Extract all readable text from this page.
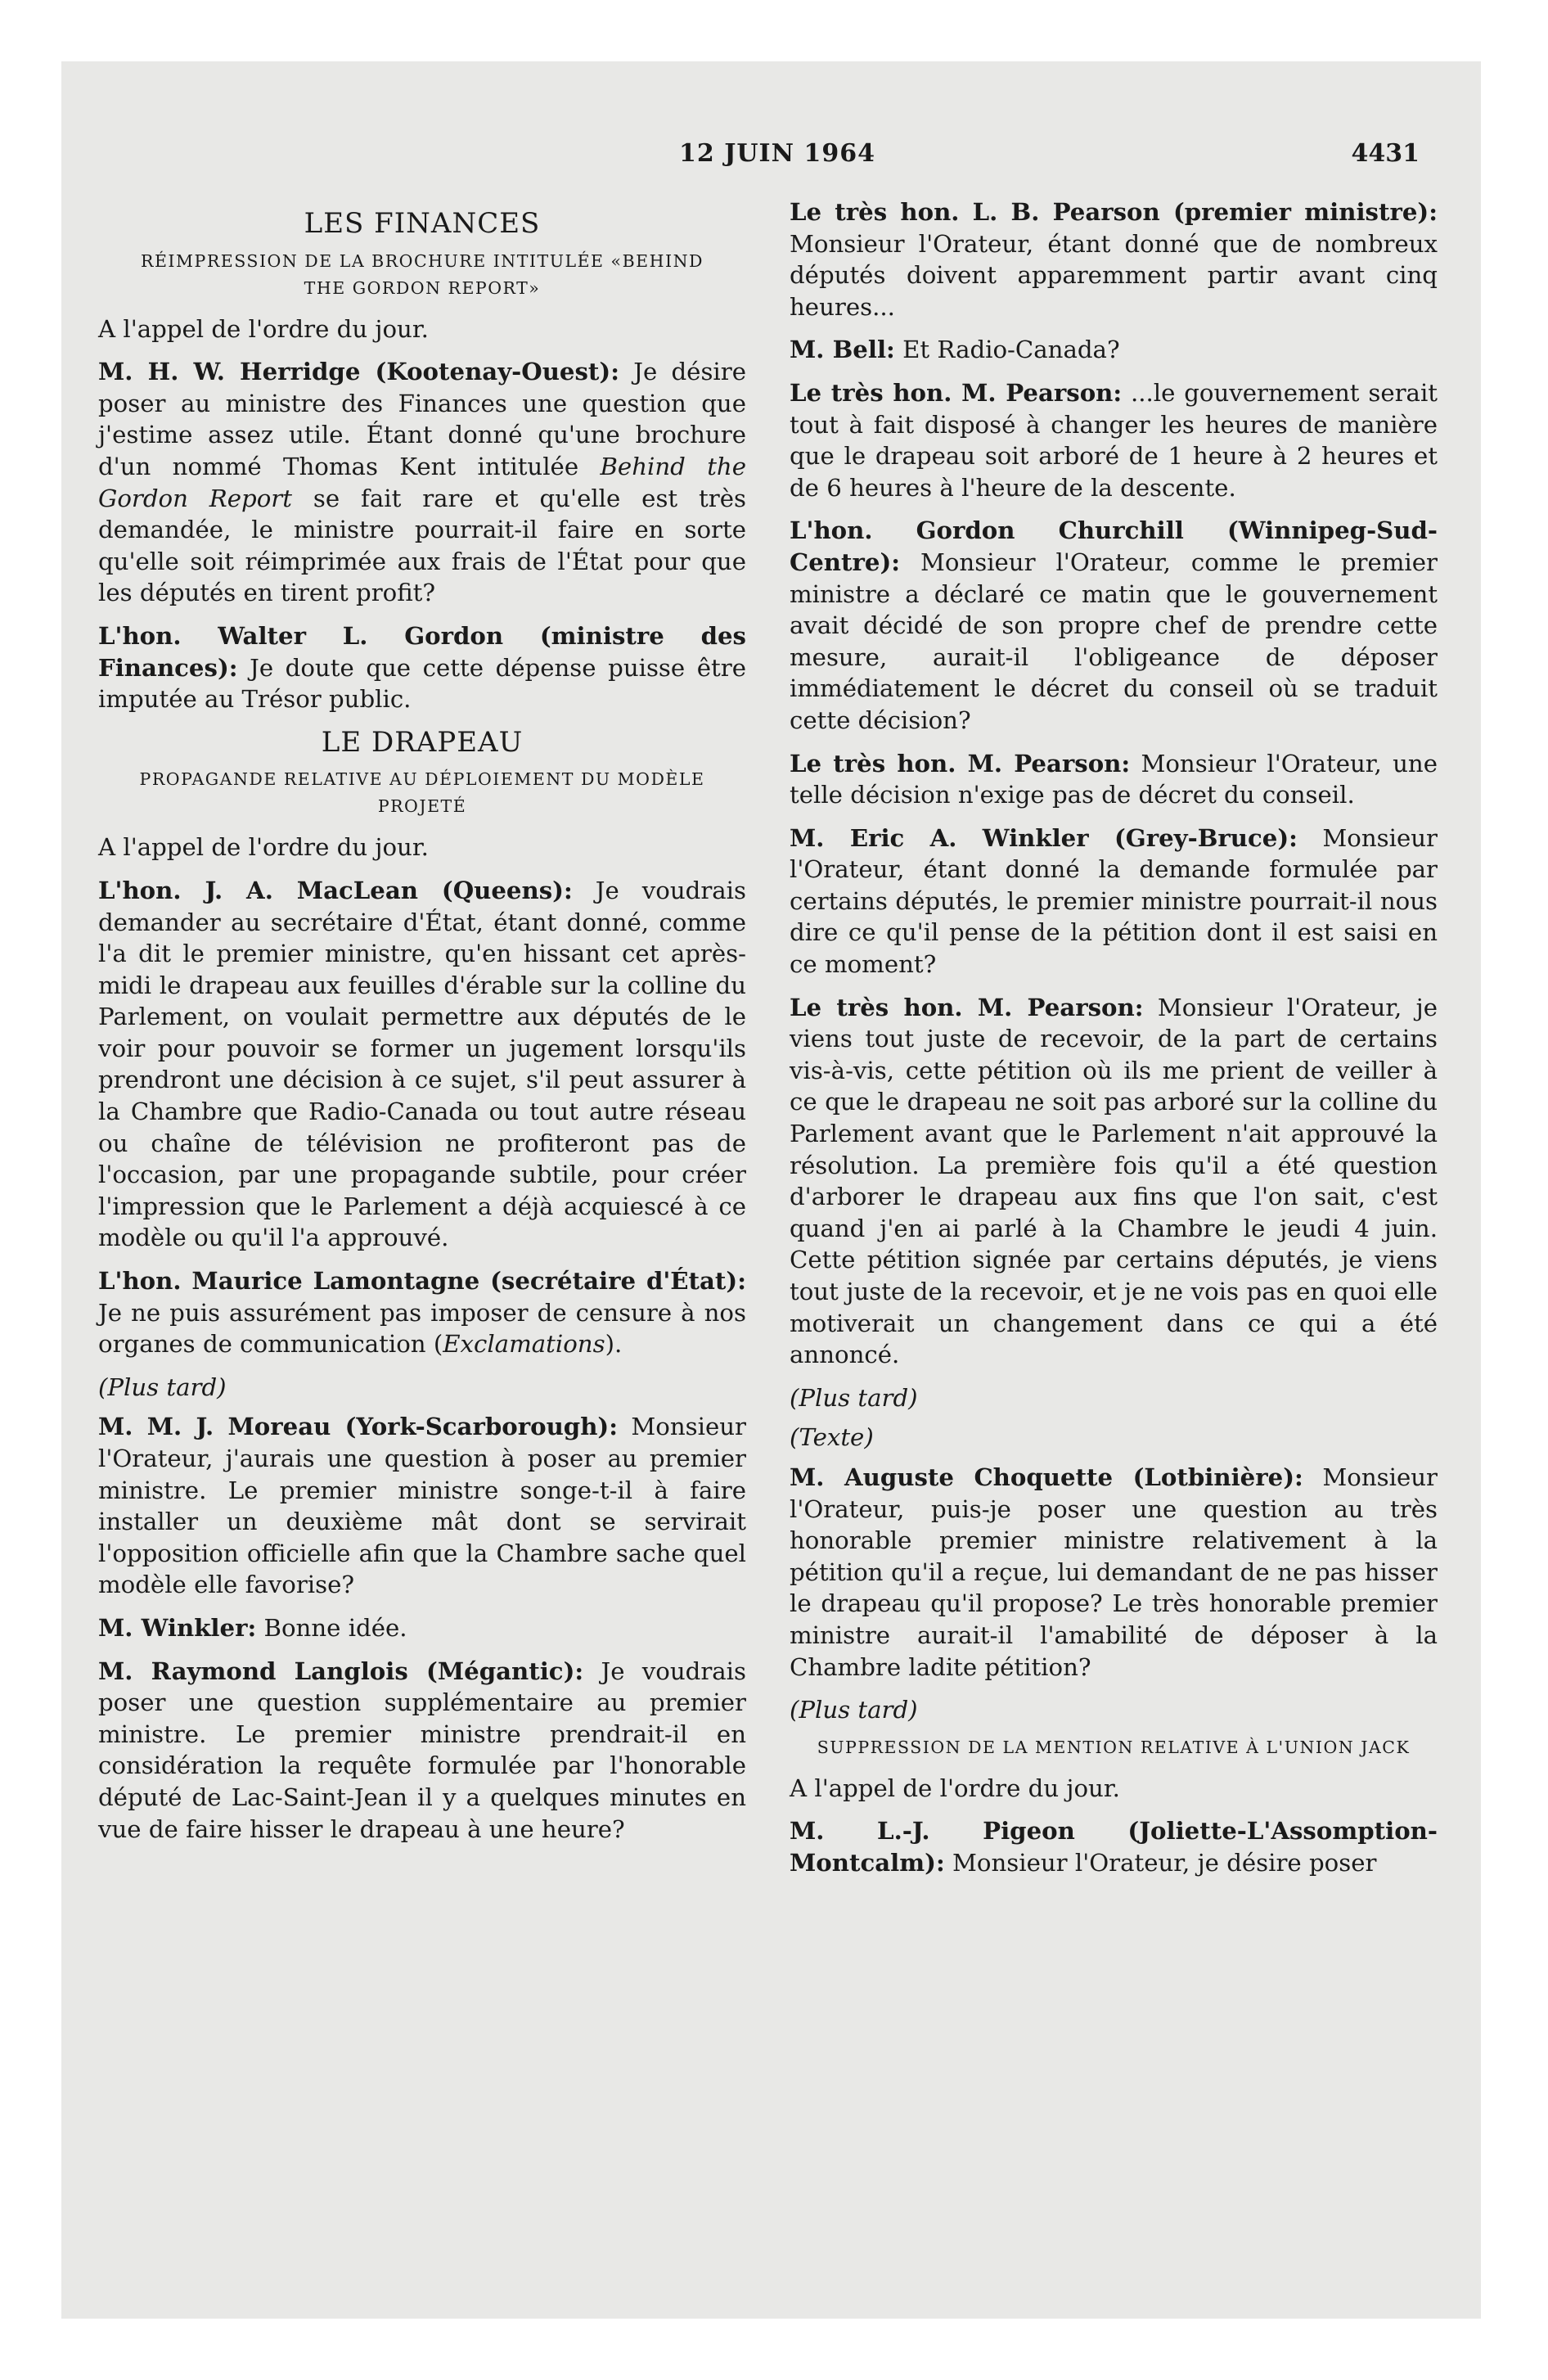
12 JUIN 1964	4431
LES FINANCES
RÉIMPRESSION DE LA BROCHURE INTITULÉE «BEHIND THE GORDON REPORT»

A l'appel de l'ordre du jour.

M. H. W. Herridge (Kootenay-Ouest): Je désire poser au ministre des Finances une question que j'estime assez utile. Étant donné qu'une brochure d'un nommé Thomas Kent intitulée Behind the Gordon Report se fait rare et qu'elle est très demandée, le ministre pourrait-il faire en sorte qu'elle soit réimprimée aux frais de l'État pour que les députés en tirent profit?

L'hon. Walter L. Gordon (ministre des Finances): Je doute que cette dépense puisse être imputée au Trésor public.

LE DRAPEAU
PROPAGANDE RELATIVE AU DÉPLOIEMENT DU MODÈLE PROJETÉ

A l'appel de l'ordre du jour.

L'hon. J. A. MacLean (Queens): Je voudrais demander au secrétaire d'État, étant donné, comme l'a dit le premier ministre, qu'en hissant cet après-midi le drapeau aux feuilles d'érable sur la colline du Parlement, on voulait permettre aux députés de le voir pour pouvoir se former un jugement lorsqu'ils prendront une décision à ce sujet, s'il peut assurer à la Chambre que Radio-Canada ou tout autre réseau ou chaîne de télévision ne profiteront pas de l'occasion, par une propagande subtile, pour créer l'impression que le Parlement a déjà acquiescé à ce modèle ou qu'il l'a approuvé.

L'hon. Maurice Lamontagne (secrétaire d'État): Je ne puis assurément pas imposer de censure à nos organes de communication (Exclamations).

(Plus tard)

M. M. J. Moreau (York-Scarborough): Monsieur l'Orateur, j'aurais une question à poser au premier ministre. Le premier ministre songe-t-il à faire installer un deuxième mât dont se servirait l'opposition officielle afin que la Chambre sache quel modèle elle favorise?

M. Winkler: Bonne idée.

M. Raymond Langlois (Mégantic): Je voudrais poser une question supplémentaire au premier ministre. Le premier ministre prendrait-il en considération la requête formulée par l'honorable député de Lac-Saint-Jean il y a quelques minutes en vue de faire hisser le drapeau à une heure?

Le très hon. L. B. Pearson (premier ministre): Monsieur l'Orateur, étant donné que de nombreux députés doivent apparemment partir avant cinq heures...

M. Bell: Et Radio-Canada?

Le très hon. M. Pearson: ...le gouvernement serait tout à fait disposé à changer les heures de manière que le drapeau soit arboré de 1 heure à 2 heures et de 6 heures à l'heure de la descente.

L'hon. Gordon Churchill (Winnipeg-Sud-Centre): Monsieur l'Orateur, comme le premier ministre a déclaré ce matin que le gouvernement avait décidé de son propre chef de prendre cette mesure, aurait-il l'obligeance de déposer immédiatement le décret du conseil où se traduit cette décision?

Le très hon. M. Pearson: Monsieur l'Orateur, une telle décision n'exige pas de décret du conseil.

M. Eric A. Winkler (Grey-Bruce): Monsieur l'Orateur, étant donné la demande formulée par certains députés, le premier ministre pourrait-il nous dire ce qu'il pense de la pétition dont il est saisi en ce moment?

Le très hon. M. Pearson: Monsieur l'Orateur, je viens tout juste de recevoir, de la part de certains vis-à-vis, cette pétition où ils me prient de veiller à ce que le drapeau ne soit pas arboré sur la colline du Parlement avant que le Parlement n'ait approuvé la résolution. La première fois qu'il a été question d'arborer le drapeau aux fins que l'on sait, c'est quand j'en ai parlé à la Chambre le jeudi 4 juin. Cette pétition signée par certains députés, je viens tout juste de la recevoir, et je ne vois pas en quoi elle motiverait un changement dans ce qui a été annoncé.

(Plus tard)

(Texte)

M. Auguste Choquette (Lotbinière): Monsieur l'Orateur, puis-je poser une question au très honorable premier ministre relativement à la pétition qu'il a reçue, lui demandant de ne pas hisser le drapeau qu'il propose? Le très honorable premier ministre aurait-il l'amabilité de déposer à la Chambre ladite pétition?

(Plus tard)

SUPPRESSION DE LA MENTION RELATIVE À L'UNION JACK

A l'appel de l'ordre du jour.

M. L.-J. Pigeon (Joliette-L'Assomption-Montcalm): Monsieur l'Orateur, je désire poser
